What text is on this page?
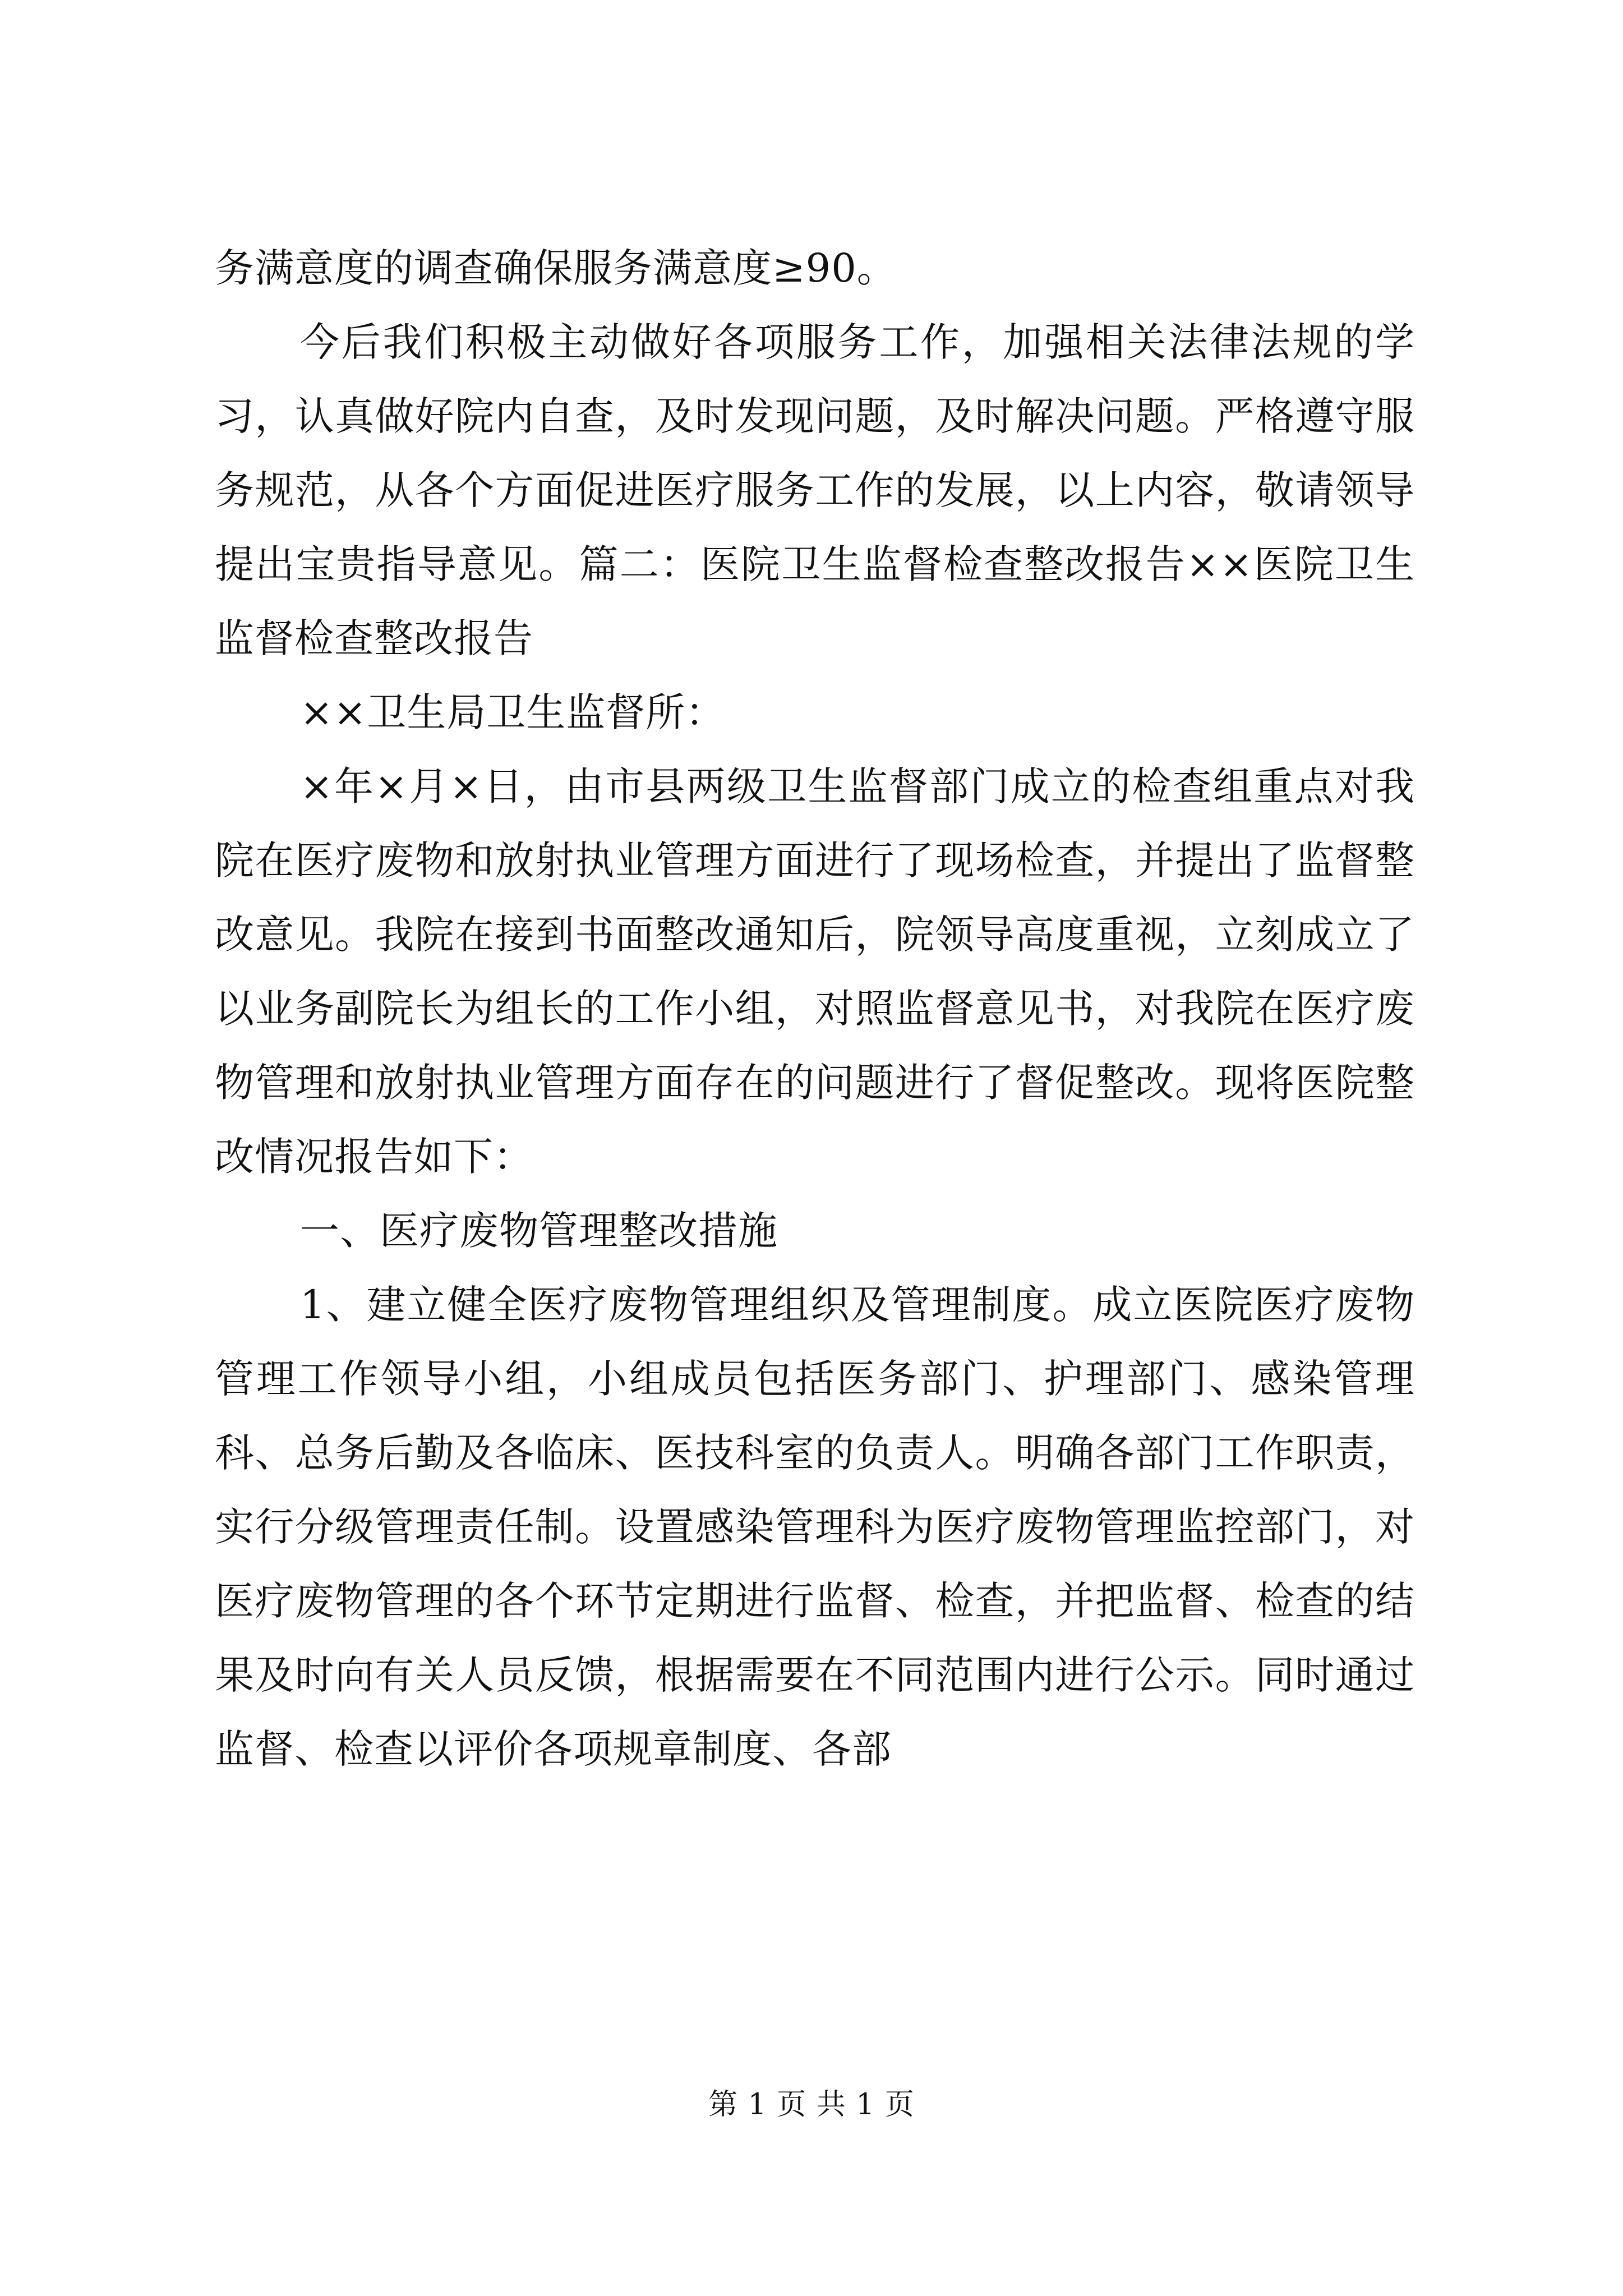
务满意度的调查确保服务满意度≥90。

今后我们积极主动做好各项服务工作，加强相关法律法规的学习，认真做好院内自查，及时发现问题，及时解决问题。严格遵守服务规范，从各个方面促进医疗服务工作的发展，以上内容，敬请领导提出宝贵指导意见。篇二：医院卫生监督检查整改报告××医院卫生监督检查整改报告

××卫生局卫生监督所：

×年×月×日，由市县两级卫生监督部门成立的检查组重点对我院在医疗废物和放射执业管理方面进行了现场检查，并提出了监督整改意见。我院在接到书面整改通知后，院领导高度重视，立刻成立了以业务副院长为组长的工作小组，对照监督意见书，对我院在医疗废物管理和放射执业管理方面存在的问题进行了督促整改。现将医院整改情况报告如下：

一、医疗废物管理整改措施

1、建立健全医疗废物管理组织及管理制度。成立医院医疗废物管理工作领导小组，小组成员包括医务部门、护理部门、感染管理科、总务后勤及各临床、医技科室的负责人。明确各部门工作职责，实行分级管理责任制。设置感染管理科为医疗废物管理监控部门，对医疗废物管理的各个环节定期进行监督、检查，并把监督、检查的结果及时向有关人员反馈，根据需要在不同范围内进行公示。同时通过监督、检查以评价各项规章制度、各部

第 1 页 共 1 页
